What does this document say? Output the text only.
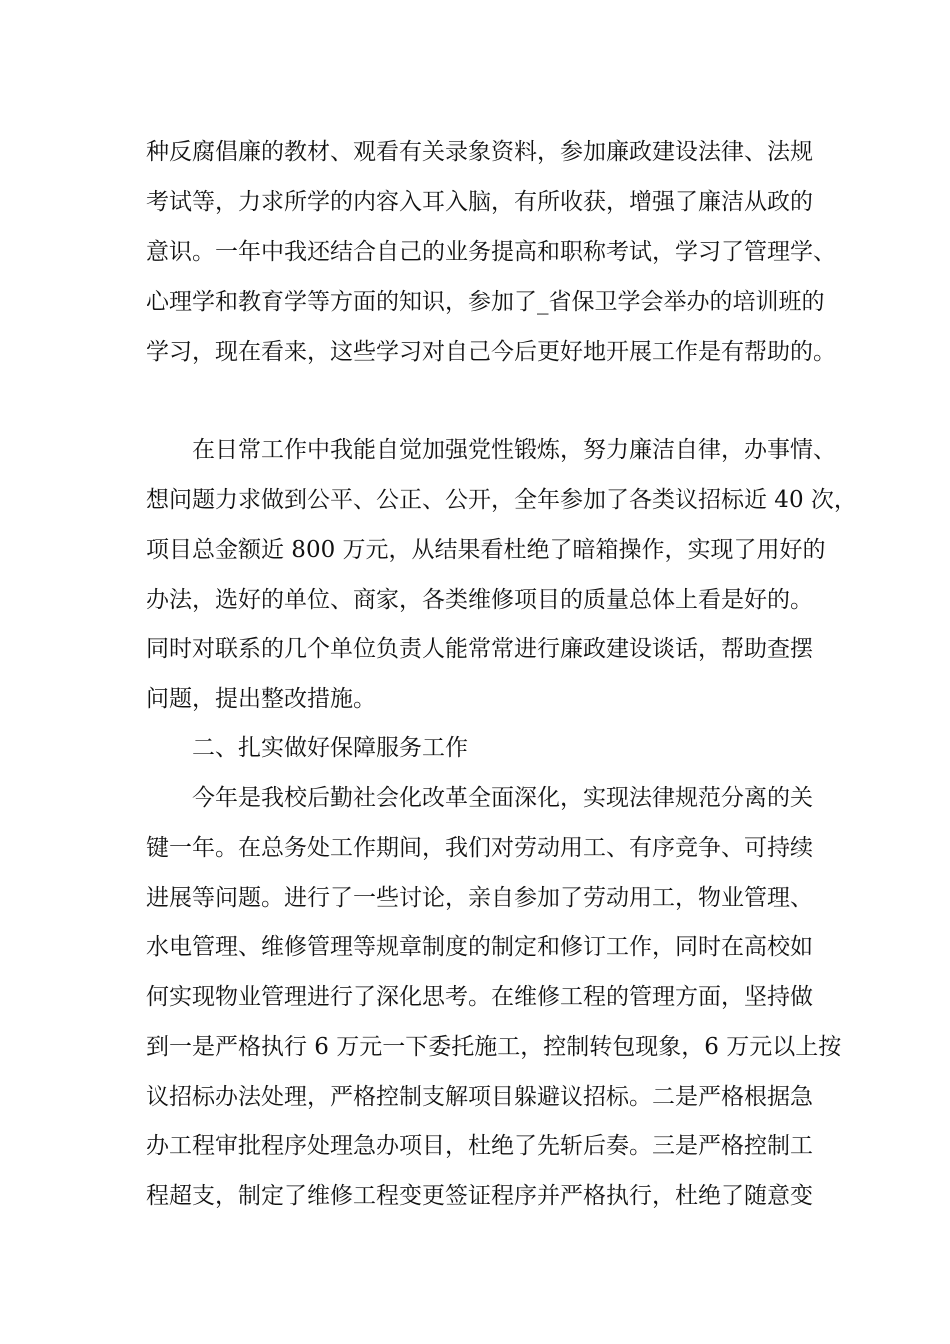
种反腐倡廉的教材、观看有关录象资料，参加廉政建设法律、法规
考试等，力求所学的内容入耳入脑，有所收获，增强了廉洁从政的
意识。一年中我还结合自己的业务提高和职称考试，学习了管理学、
心理学和教育学等方面的知识，参加了_省保卫学会举办的培训班的
学习，现在看来，这些学习对自己今后更好地开展工作是有帮助的。
在日常工作中我能自觉加强党性锻炼，努力廉洁自律，办事情、
想问题力求做到公平、公正、公开，全年参加了各类议招标近 40 次，
项目总金额近 800 万元，从结果看杜绝了暗箱操作，实现了用好的
办法，选好的单位、商家，各类维修项目的质量总体上看是好的。
同时对联系的几个单位负责人能常常进行廉政建设谈话，帮助查摆
问题，提出整改措施。
二、扎实做好保障服务工作
今年是我校后勤社会化改革全面深化，实现法律规范分离的关
键一年。在总务处工作期间，我们对劳动用工、有序竞争、可持续
进展等问题。进行了一些讨论，亲自参加了劳动用工，物业管理、
水电管理、维修管理等规章制度的制定和修订工作，同时在高校如
何实现物业管理进行了深化思考。在维修工程的管理方面，坚持做
到一是严格执行 6 万元一下委托施工，控制转包现象，6 万元以上按
议招标办法处理，严格控制支解项目躲避议招标。二是严格根据急
办工程审批程序处理急办项目，杜绝了先斩后奏。三是严格控制工
程超支，制定了维修工程变更签证程序并严格执行，杜绝了随意变
